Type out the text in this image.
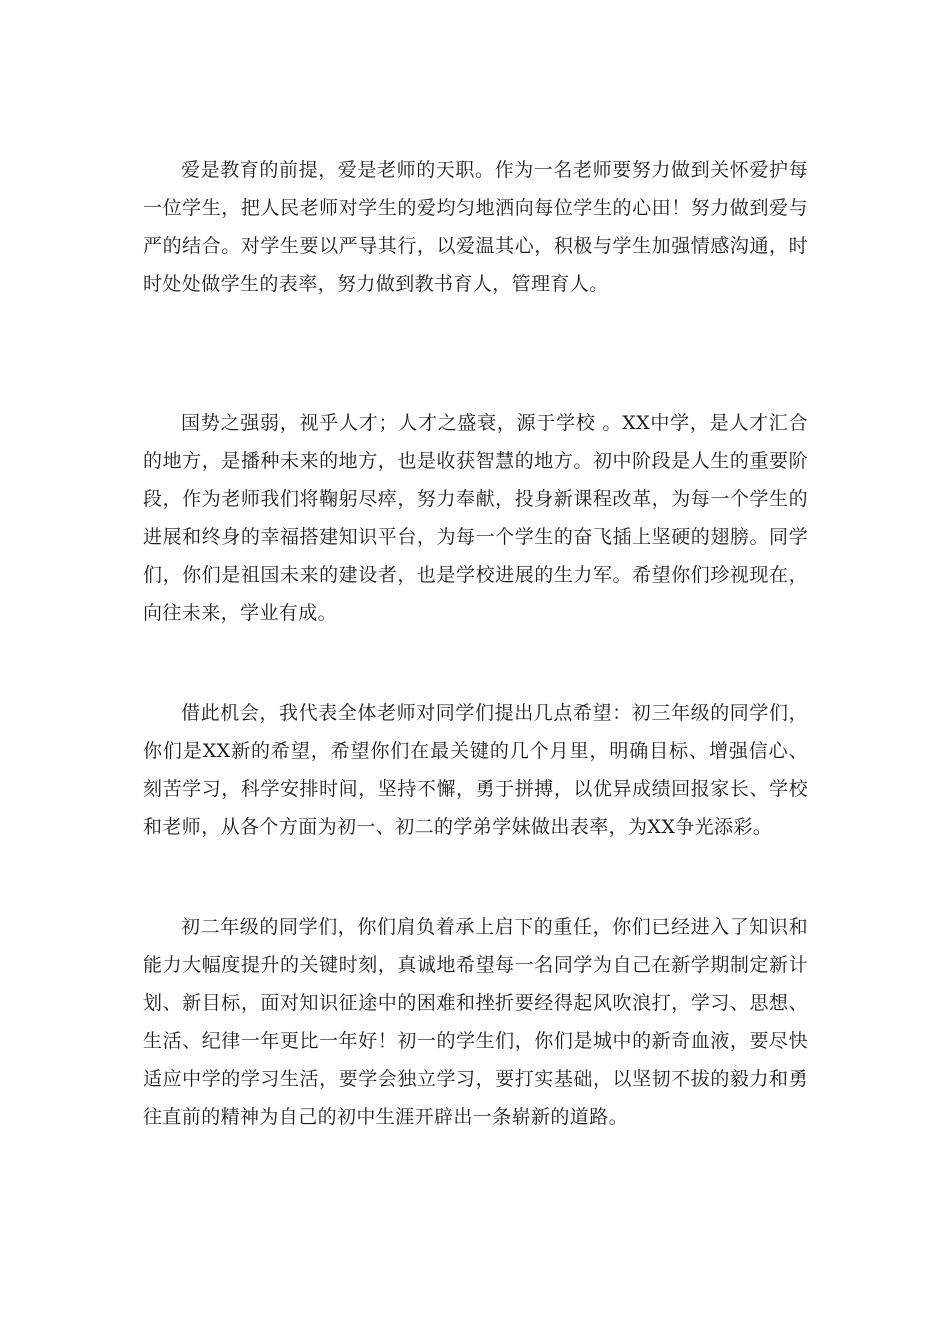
爱是教育的前提，爱是老师的天职。作为一名老师要努力做到关怀爱护每一位学生，把人民老师对学生的爱均匀地洒向每位学生的心田！努力做到爱与严的结合。对学生要以严导其行，以爱温其心，积极与学生加强情感沟通，时时处处做学生的表率，努力做到教书育人，管理育人。

国势之强弱，视乎人才；人才之盛衰，源于学校 。XX中学，是人才汇合的地方，是播种未来的地方，也是收获智慧的地方。初中阶段是人生的重要阶段，作为老师我们将鞠躬尽瘁，努力奉献，投身新课程改革，为每一个学生的进展和终身的幸福搭建知识平台，为每一个学生的奋飞插上坚硬的翅膀。同学们，你们是祖国未来的建设者，也是学校进展的生力军。希望你们珍视现在，向往未来，学业有成。

借此机会，我代表全体老师对同学们提出几点希望：初三年级的同学们，你们是XX新的希望，希望你们在最关键的几个月里，明确目标、增强信心、刻苦学习，科学安排时间，坚持不懈，勇于拼搏，以优异成绩回报家长、学校和老师，从各个方面为初一、初二的学弟学妹做出表率，为XX争光添彩。

初二年级的同学们，你们肩负着承上启下的重任，你们已经进入了知识和能力大幅度提升的关键时刻，真诚地希望每一名同学为自己在新学期制定新计划、新目标，面对知识征途中的困难和挫折要经得起风吹浪打，学习、思想、生活、纪律一年更比一年好！初一的学生们，你们是城中的新奇血液，要尽快适应中学的学习生活，要学会独立学习，要打实基础，以坚韧不拔的毅力和勇往直前的精神为自己的初中生涯开辟出一条崭新的道路。
